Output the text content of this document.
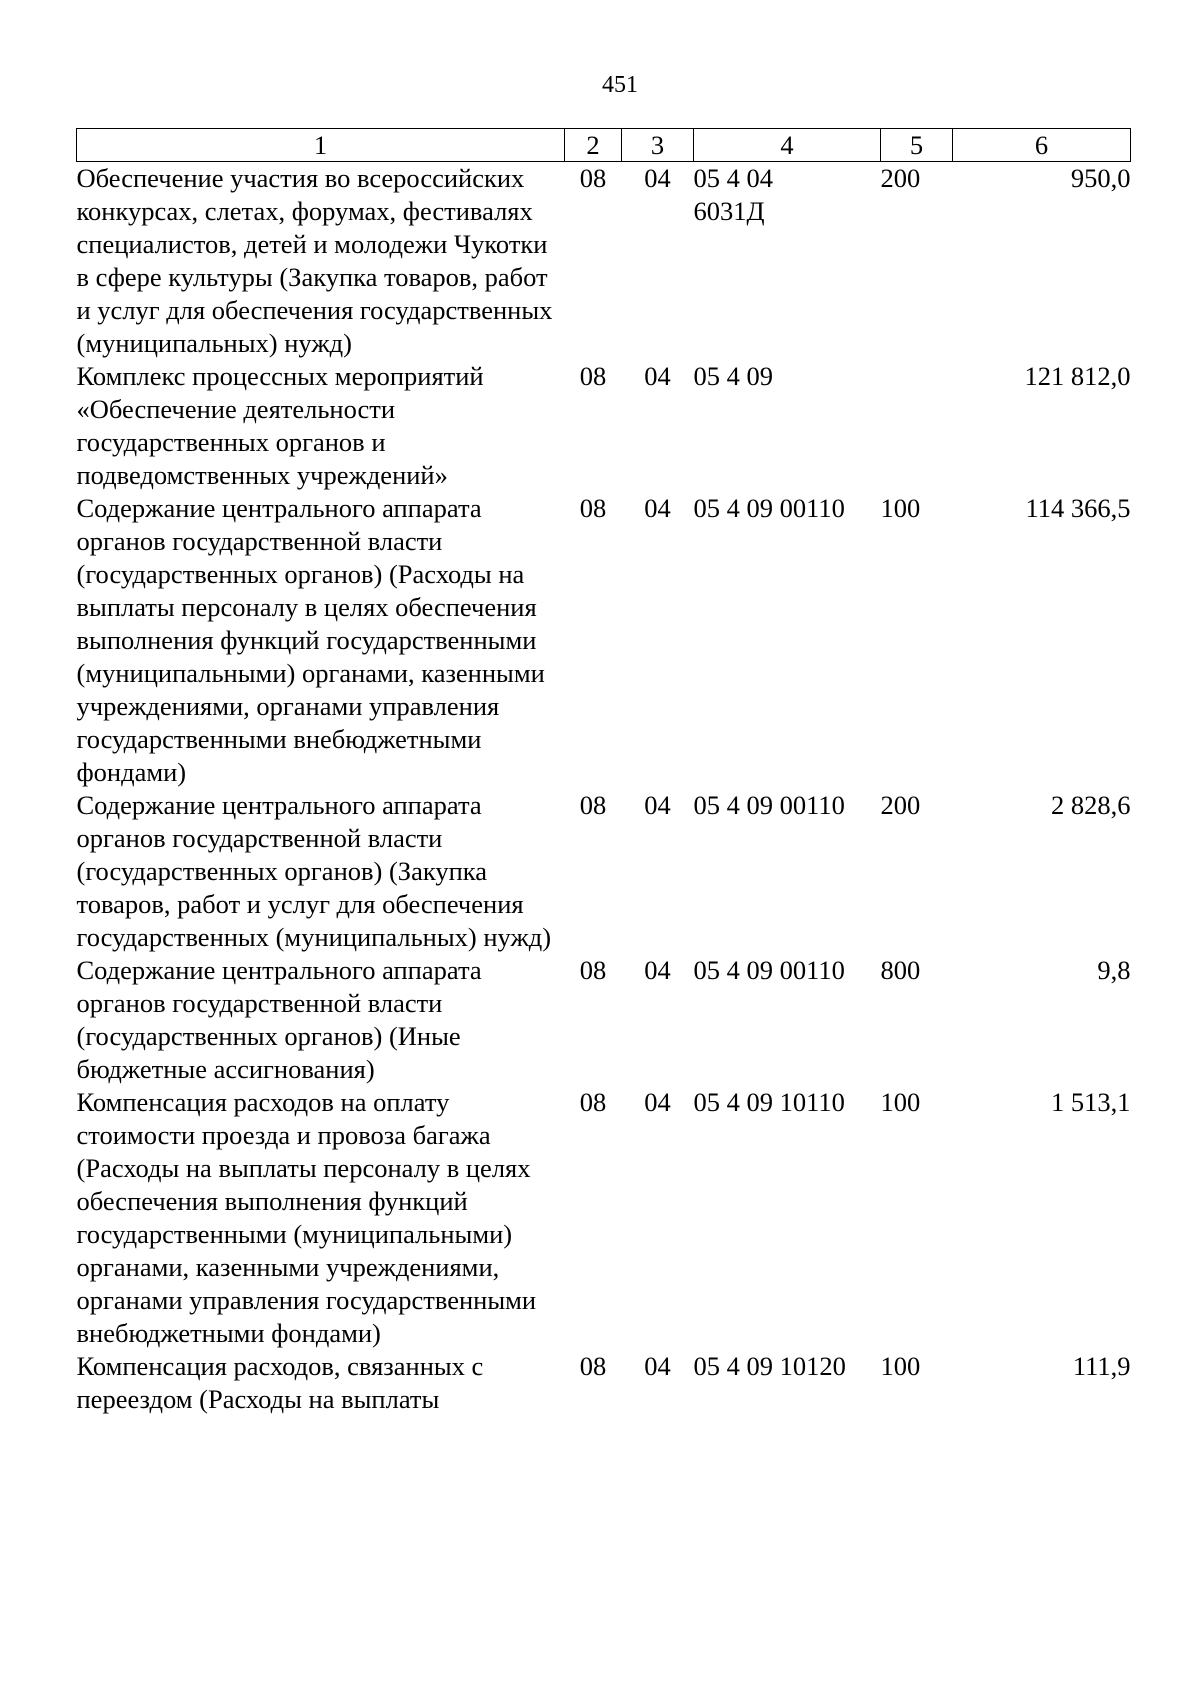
451
1	2	3	4	5	6
Обеспечение участия во всероссийских конкурсах, слетах, форумах, фестивалях специалистов, детей и молодежи Чукотки в сфере культуры (Закупка товаров, работ и услуг для обеспечения государственных (муниципальных) нужд)	08	04	05 4 04 6031Д	200	950,0
Комплекс процессных мероприятий «Обеспечение деятельности государственных органов и подведомственных учреждений»	08	04	05 4 09		121 812,0
Содержание центрального аппарата органов государственной власти (государственных органов) (Расходы на выплаты персоналу в целях обеспечения выполнения функций государственными (муниципальными) органами, казенными учреждениями, органами управления государственными внебюджетными фондами)	08	04	05 4 09 00110	100	114 366,5
Содержание центрального аппарата органов государственной власти (государственных органов) (Закупка товаров, работ и услуг для обеспечения государственных (муниципальных) нужд)	08	04	05 4 09 00110	200	2 828,6
Содержание центрального аппарата органов государственной власти (государственных органов) (Иные бюджетные ассигнования)	08	04	05 4 09 00110	800	9,8
Компенсация расходов на оплату стоимости проезда и провоза багажа (Расходы на выплаты персоналу в целях обеспечения выполнения функций государственными (муниципальными) органами, казенными учреждениями, органами управления государственными внебюджетными фондами)	08	04	05 4 09 10110	100	1 513,1
Компенсация расходов, связанных с переездом (Расходы на выплаты	08	04	05 4 09 10120	100	111,9
